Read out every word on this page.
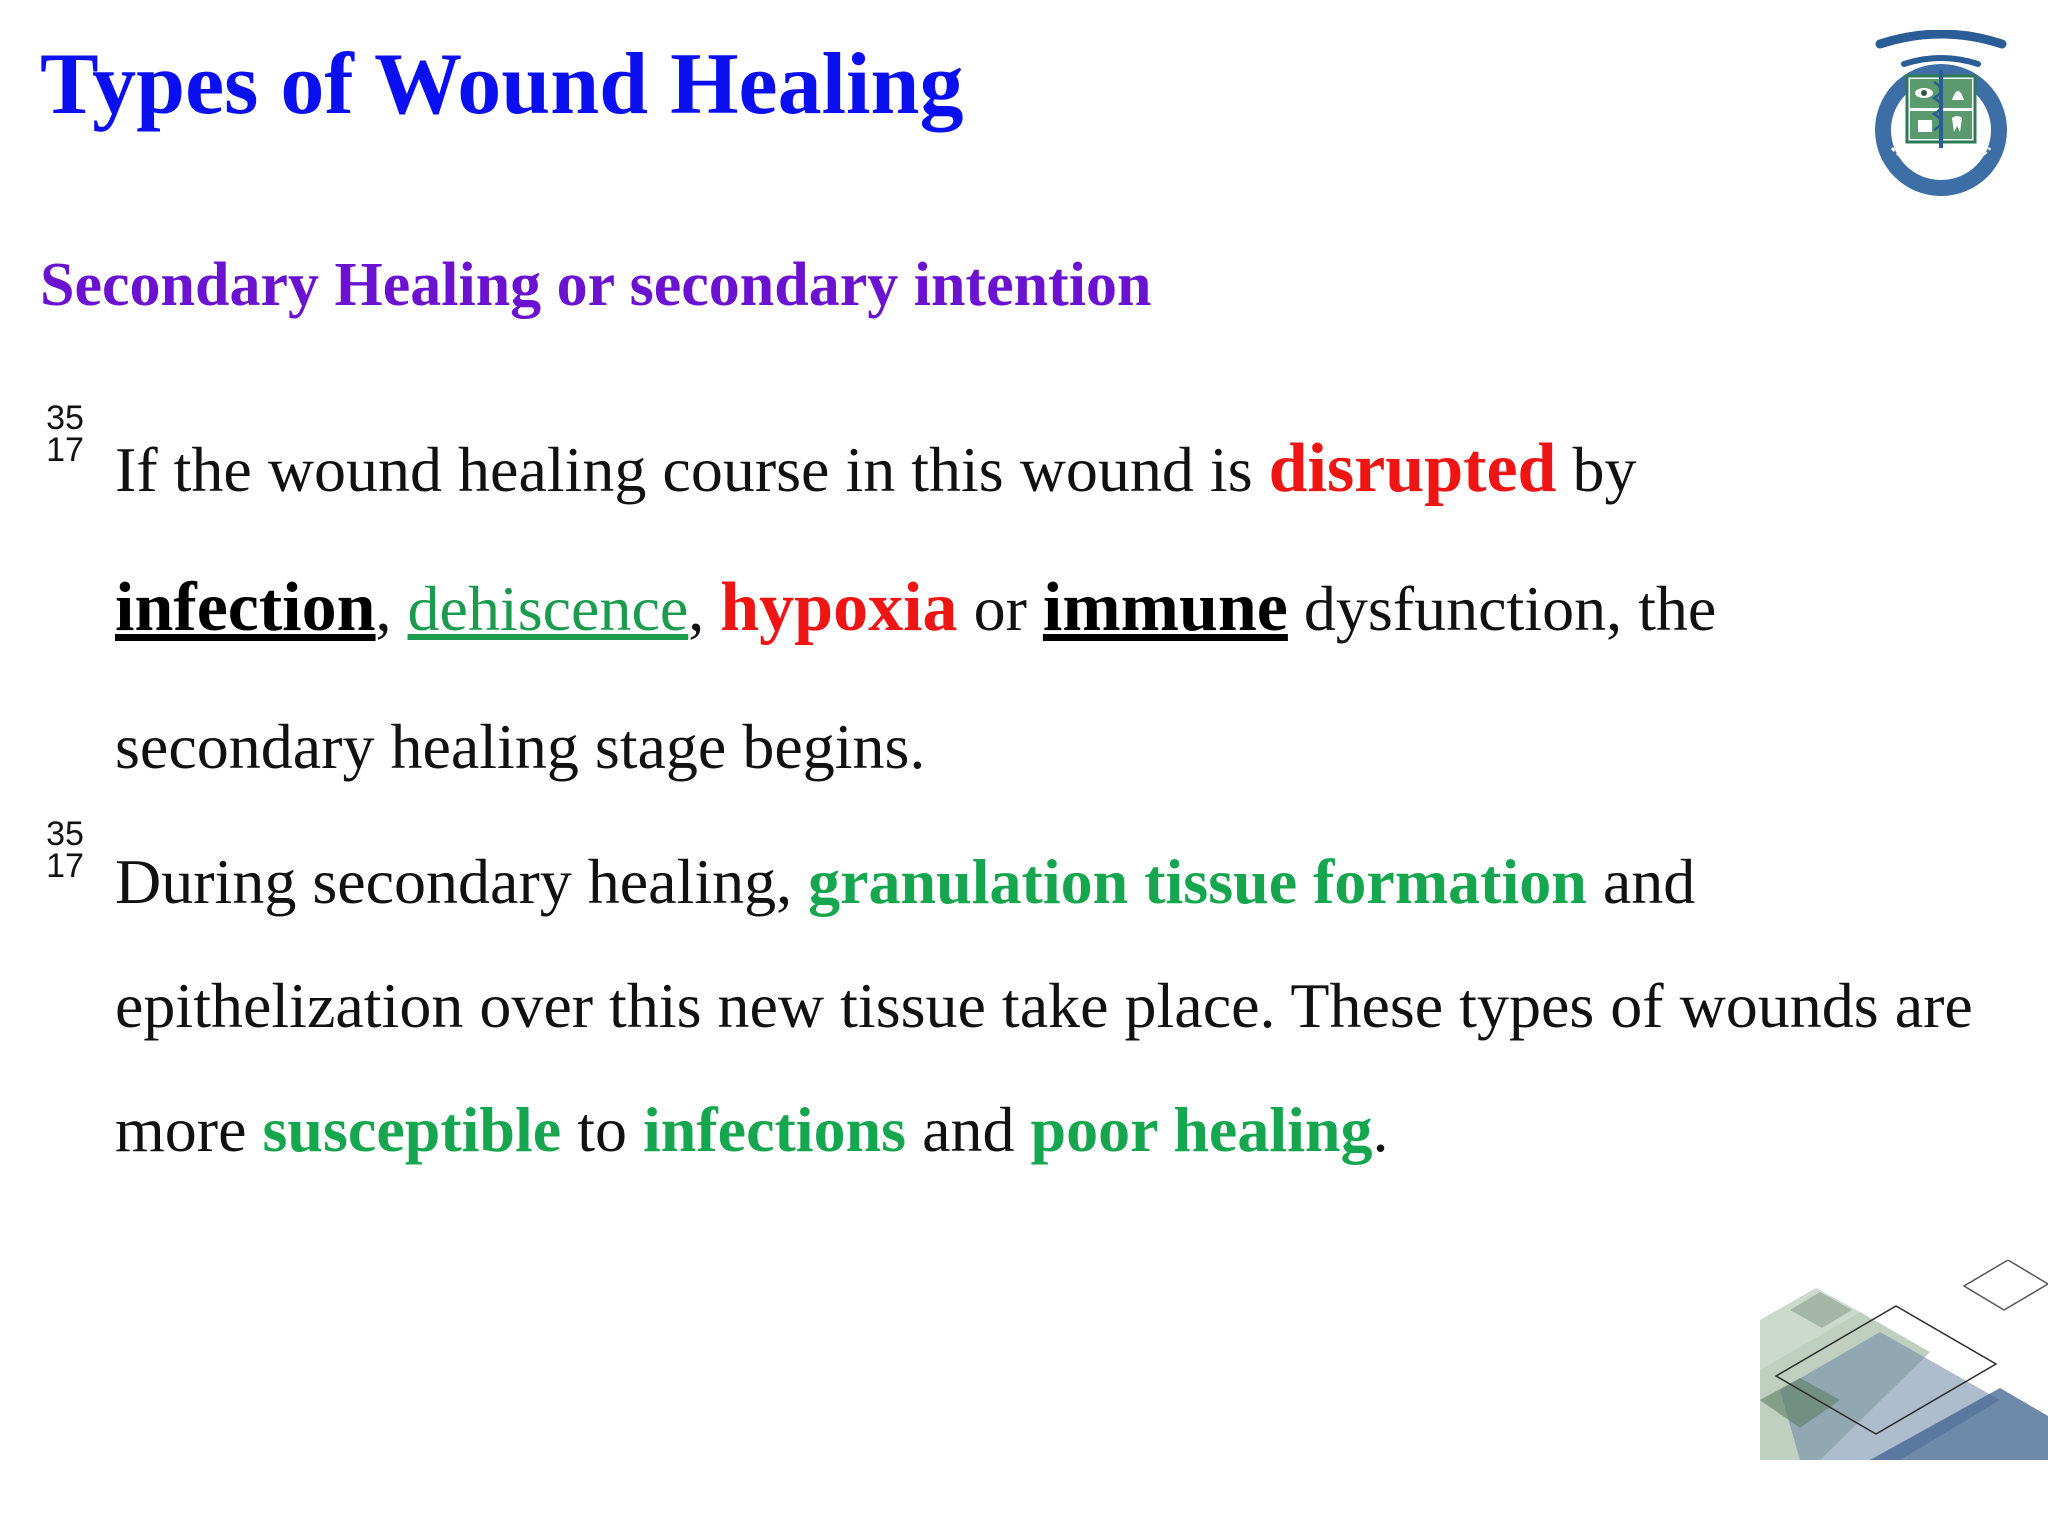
Types of Wound Healing
Secondary Healing or secondary intention
35
17 If the wound healing course in this wound is disrupted by
infection, dehiscence, hypoxia or immune dysfunction, the secondary healing stage begins.

35
17 During secondary healing, granulation tissue formation and epithelization over this new tissue take place. These types of wounds are more susceptible to infections and poor healing.
